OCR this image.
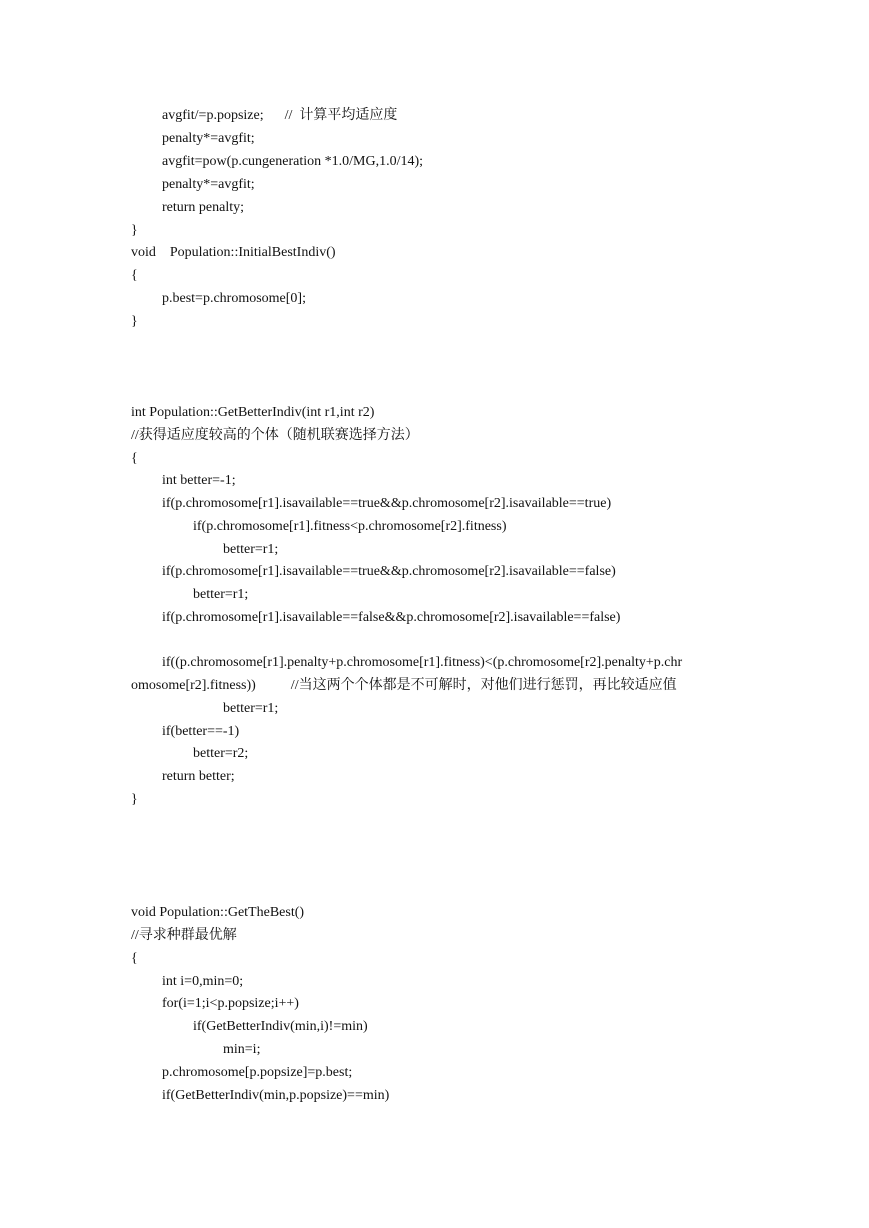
avgfit/=p.popsize;      //  计算平均适应度
penalty*=avgfit;
avgfit=pow(p.cungeneration *1.0/MG,1.0/14);
penalty*=avgfit;
return penalty;
}
void    Population::InitialBestIndiv()
{
p.best=p.chromosome[0];
}
int Population::GetBetterIndiv(int r1,int r2)
//获得适应度较高的个体（随机联赛选择方法）
{
int better=-1;
if(p.chromosome[r1].isavailable==true&&p.chromosome[r2].isavailable==true)
if(p.chromosome[r1].fitness<p.chromosome[r2].fitness)
better=r1;
if(p.chromosome[r1].isavailable==true&&p.chromosome[r2].isavailable==false)
better=r1;
if(p.chromosome[r1].isavailable==false&&p.chromosome[r2].isavailable==false)
if((p.chromosome[r1].penalty+p.chromosome[r1].fitness)<(p.chromosome[r2].penalty+p.chr
omosome[r2].fitness))          //当这两个个体都是不可解时，对他们进行惩罚，再比较适应值
better=r1;
if(better==-1)
better=r2;
return better;
}
void Population::GetTheBest()
//寻求种群最优解
{
int i=0,min=0;
for(i=1;i<p.popsize;i++)
if(GetBetterIndiv(min,i)!=min)
min=i;
p.chromosome[p.popsize]=p.best;
if(GetBetterIndiv(min,p.popsize)==min)
